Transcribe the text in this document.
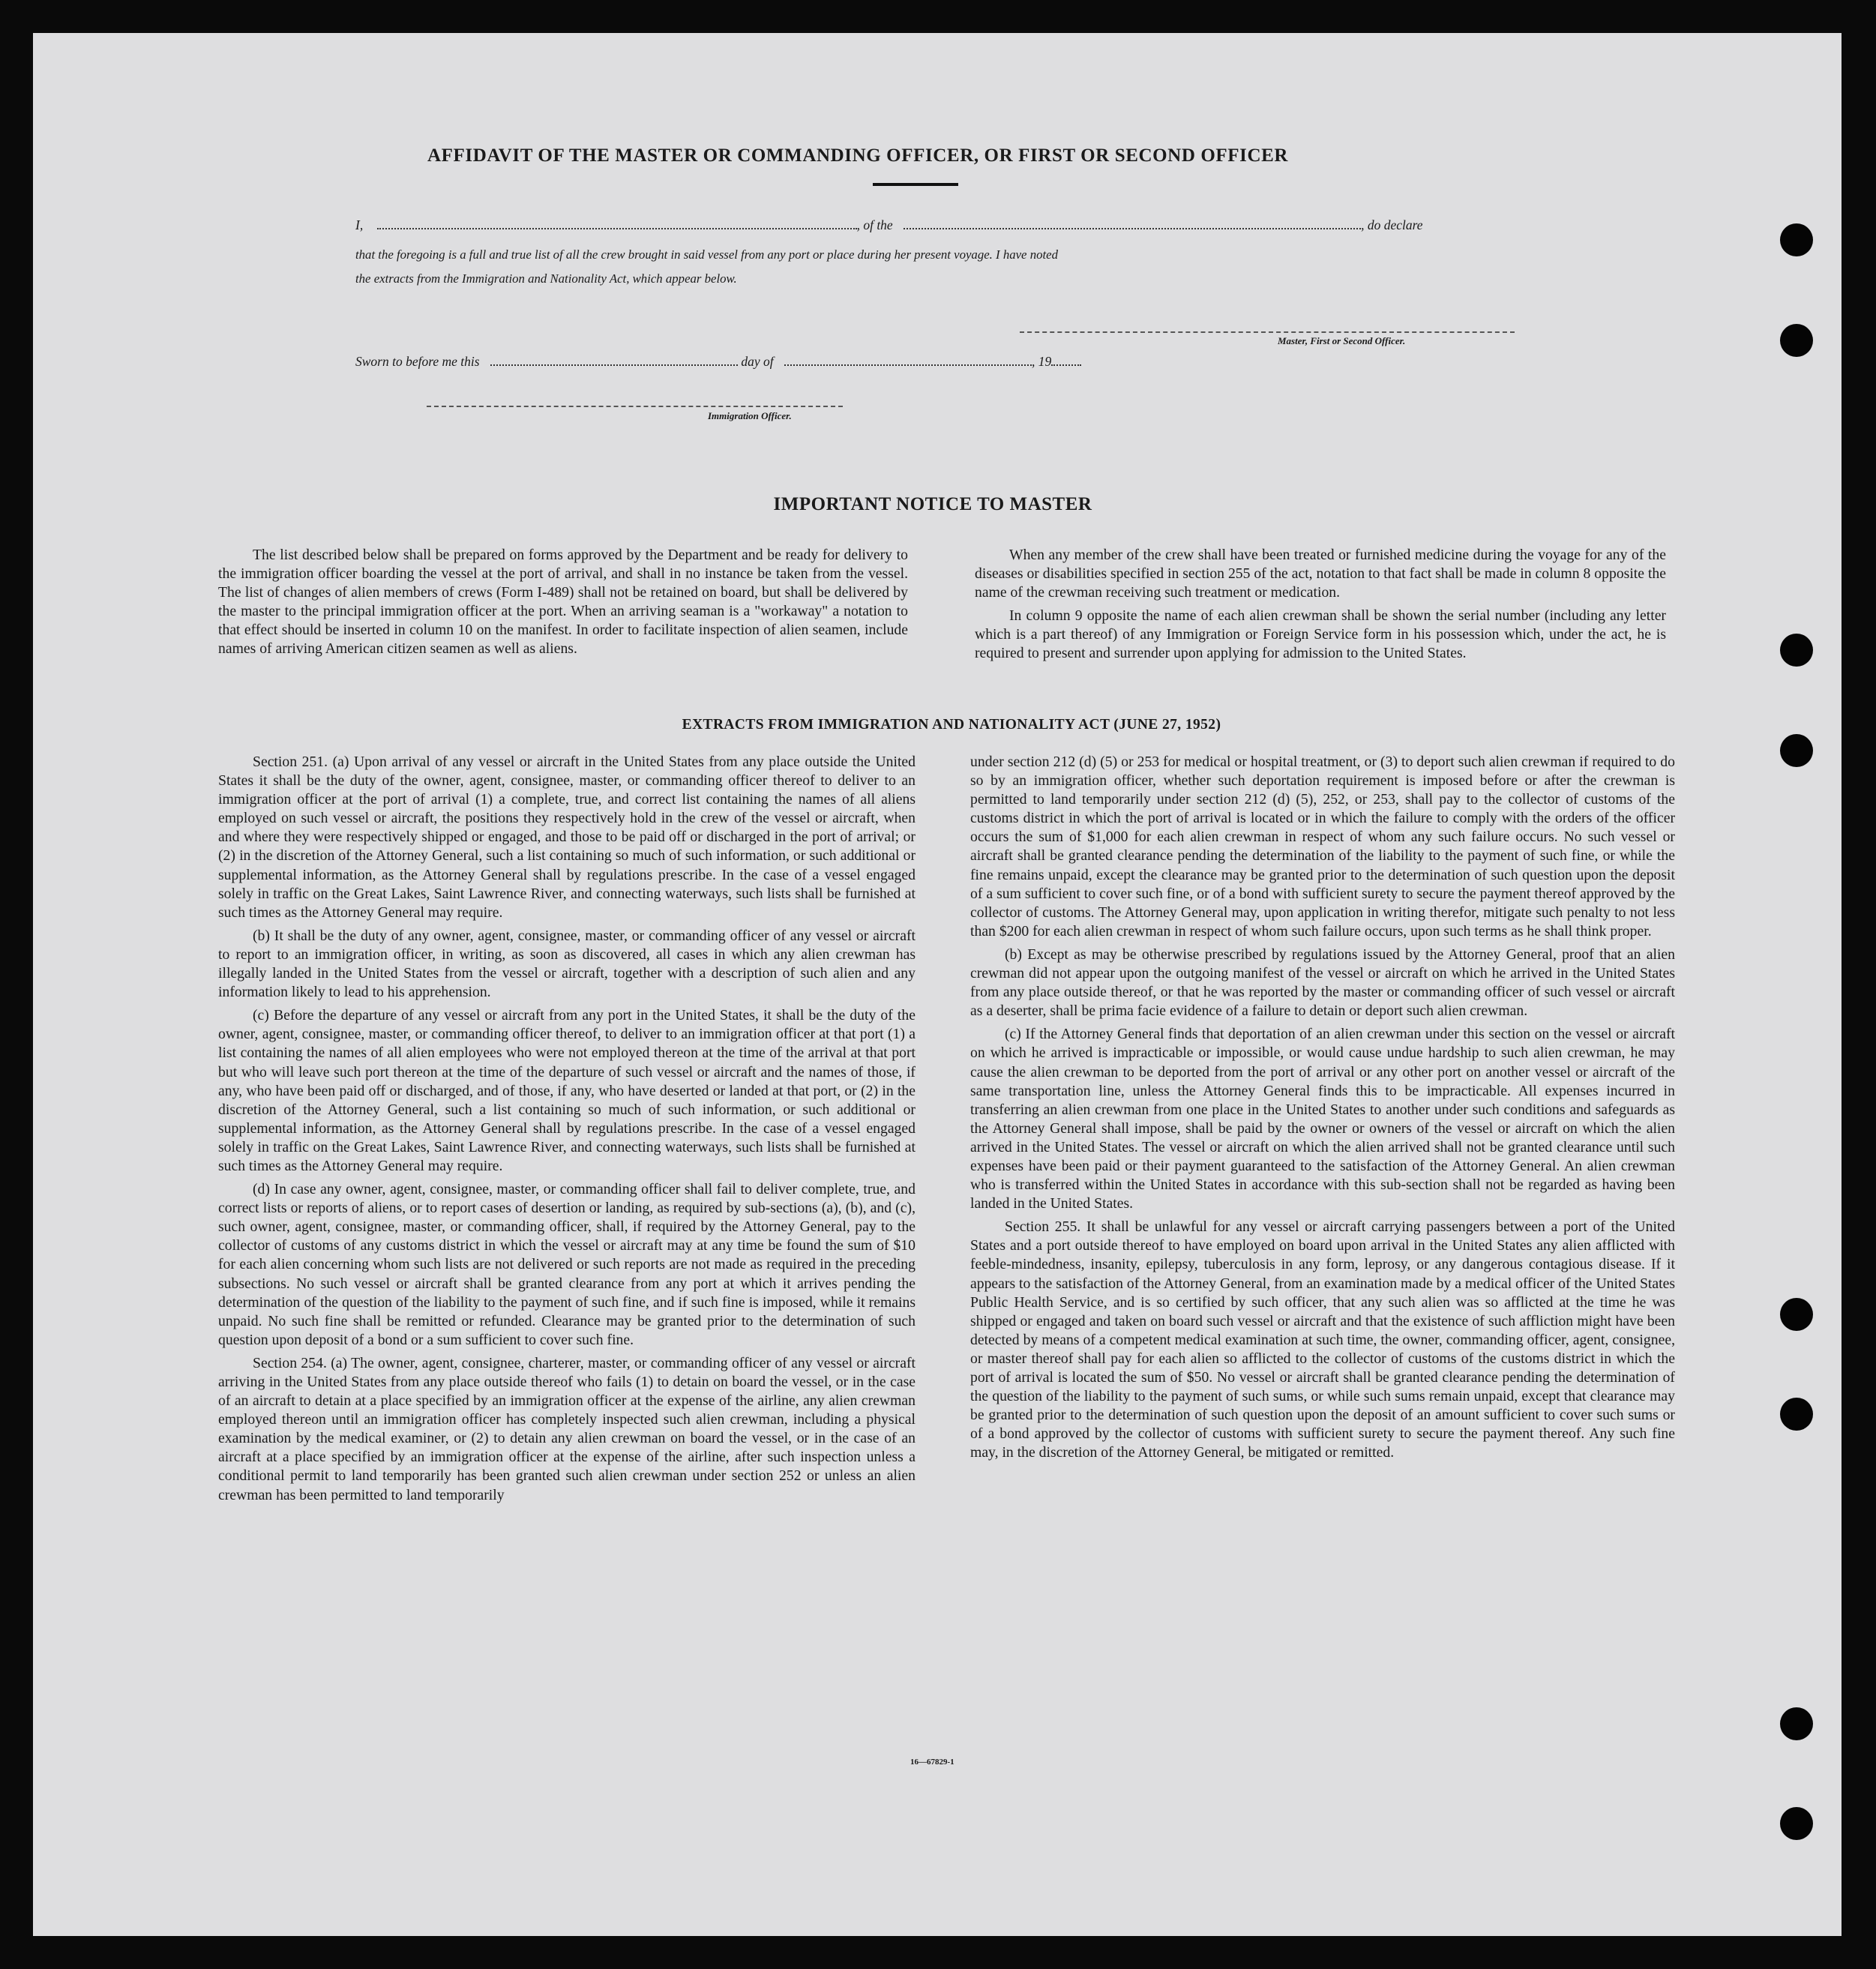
AFFIDAVIT OF THE MASTER OR COMMANDING OFFICER, OR FIRST OR SECOND OFFICER
I,	, of the	, do declare
that the foregoing is a full and true list of all the crew brought in said vessel from any port or place during her present voyage. I have noted
the extracts from the Immigration and Nationality Act, which appear below.
Master, First or Second Officer.
Sworn to before me this	day of	, 19
Immigration Officer.
IMPORTANT NOTICE TO MASTER

The list described below shall be prepared on forms approved by the Department and be ready for delivery to the immigration officer boarding the vessel at the port of arrival, and shall in no instance be taken from the vessel. The list of changes of alien members of crews (Form I-489) shall not be retained on board, but shall be delivered by the master to the principal immigration officer at the port. When an arriving seaman is a "workaway" a notation to that effect should be inserted in column 10 on the manifest. In order to facilitate inspection of alien seamen, include names of arriving American citizen seamen as well as aliens.

When any member of the crew shall have been treated or furnished medicine during the voyage for any of the diseases or disabilities specified in section 255 of the act, notation to that fact shall be made in column 8 opposite the name of the crewman receiving such treatment or medication.

In column 9 opposite the name of each alien crewman shall be shown the serial number (including any letter which is a part thereof) of any Immigration or Foreign Service form in his possession which, under the act, he is required to present and surrender upon applying for admission to the United States.

EXTRACTS FROM IMMIGRATION AND NATIONALITY ACT (JUNE 27, 1952)

Section 251. (a) Upon arrival of any vessel or aircraft in the United States from any place outside the United States it shall be the duty of the owner, agent, consignee, master, or commanding officer thereof to deliver to an immigration officer at the port of arrival (1) a complete, true, and correct list containing the names of all aliens employed on such vessel or aircraft, the positions they respectively hold in the crew of the vessel or aircraft, when and where they were respectively shipped or engaged, and those to be paid off or discharged in the port of arrival; or (2) in the discretion of the Attorney General, such a list containing so much of such information, or such additional or supplemental information, as the Attorney General shall by regulations prescribe. In the case of a vessel engaged solely in traffic on the Great Lakes, Saint Lawrence River, and connecting waterways, such lists shall be furnished at such times as the Attorney General may require.

(b) It shall be the duty of any owner, agent, consignee, master, or commanding officer of any vessel or aircraft to report to an immigration officer, in writing, as soon as discovered, all cases in which any alien crewman has illegally landed in the United States from the vessel or aircraft, together with a description of such alien and any information likely to lead to his apprehension.

(c) Before the departure of any vessel or aircraft from any port in the United States, it shall be the duty of the owner, agent, consignee, master, or commanding officer thereof, to deliver to an immigration officer at that port (1) a list containing the names of all alien employees who were not employed thereon at the time of the arrival at that port but who will leave such port thereon at the time of the departure of such vessel or aircraft and the names of those, if any, who have been paid off or discharged, and of those, if any, who have deserted or landed at that port, or (2) in the discretion of the Attorney General, such a list containing so much of such information, or such additional or supplemental information, as the Attorney General shall by regulations prescribe. In the case of a vessel engaged solely in traffic on the Great Lakes, Saint Lawrence River, and connecting waterways, such lists shall be furnished at such times as the Attorney General may require.

(d) In case any owner, agent, consignee, master, or commanding officer shall fail to deliver complete, true, and correct lists or reports of aliens, or to report cases of desertion or landing, as required by sub-sections (a), (b), and (c), such owner, agent, consignee, master, or commanding officer, shall, if required by the Attorney General, pay to the collector of customs of any customs district in which the vessel or aircraft may at any time be found the sum of $10 for each alien concerning whom such lists are not delivered or such reports are not made as required in the preceding subsections. No such vessel or aircraft shall be granted clearance from any port at which it arrives pending the determination of the question of the liability to the payment of such fine, and if such fine is imposed, while it remains unpaid. No such fine shall be remitted or refunded. Clearance may be granted prior to the determination of such question upon deposit of a bond or a sum sufficient to cover such fine.

Section 254. (a) The owner, agent, consignee, charterer, master, or commanding officer of any vessel or aircraft arriving in the United States from any place outside thereof who fails (1) to detain on board the vessel, or in the case of an aircraft to detain at a place specified by an immigration officer at the expense of the airline, any alien crewman employed thereon until an immigration officer has completely inspected such alien crewman, including a physical examination by the medical examiner, or (2) to detain any alien crewman on board the vessel, or in the case of an aircraft at a place specified by an immigration officer at the expense of the airline, after such inspection unless a conditional permit to land temporarily has been granted such alien crewman under section 252 or unless an alien crewman has been permitted to land temporarily

under section 212 (d) (5) or 253 for medical or hospital treatment, or (3) to deport such alien crewman if required to do so by an immigration officer, whether such deportation requirement is imposed before or after the crewman is permitted to land temporarily under section 212 (d) (5), 252, or 253, shall pay to the collector of customs of the customs district in which the port of arrival is located or in which the failure to comply with the orders of the officer occurs the sum of $1,000 for each alien crewman in respect of whom any such failure occurs. No such vessel or aircraft shall be granted clearance pending the determination of the liability to the payment of such fine, or while the fine remains unpaid, except the clearance may be granted prior to the determination of such question upon the deposit of a sum sufficient to cover such fine, or of a bond with sufficient surety to secure the payment thereof approved by the collector of customs. The Attorney General may, upon application in writing therefor, mitigate such penalty to not less than $200 for each alien crewman in respect of whom such failure occurs, upon such terms as he shall think proper.

(b) Except as may be otherwise prescribed by regulations issued by the Attorney General, proof that an alien crewman did not appear upon the outgoing manifest of the vessel or aircraft on which he arrived in the United States from any place outside thereof, or that he was reported by the master or commanding officer of such vessel or aircraft as a deserter, shall be prima facie evidence of a failure to detain or deport such alien crewman.

(c) If the Attorney General finds that deportation of an alien crewman under this section on the vessel or aircraft on which he arrived is impracticable or impossible, or would cause undue hardship to such alien crewman, he may cause the alien crewman to be deported from the port of arrival or any other port on another vessel or aircraft of the same transportation line, unless the Attorney General finds this to be impracticable. All expenses incurred in transferring an alien crewman from one place in the United States to another under such conditions and safeguards as the Attorney General shall impose, shall be paid by the owner or owners of the vessel or aircraft on which the alien arrived in the United States. The vessel or aircraft on which the alien arrived shall not be granted clearance until such expenses have been paid or their payment guaranteed to the satisfaction of the Attorney General. An alien crewman who is transferred within the United States in accordance with this sub-section shall not be regarded as having been landed in the United States.

Section 255. It shall be unlawful for any vessel or aircraft carrying passengers between a port of the United States and a port outside thereof to have employed on board upon arrival in the United States any alien afflicted with feeble-mindedness, insanity, epilepsy, tuberculosis in any form, leprosy, or any dangerous contagious disease. If it appears to the satisfaction of the Attorney General, from an examination made by a medical officer of the United States Public Health Service, and is so certified by such officer, that any such alien was so afflicted at the time he was shipped or engaged and taken on board such vessel or aircraft and that the existence of such affliction might have been detected by means of a competent medical examination at such time, the owner, commanding officer, agent, consignee, or master thereof shall pay for each alien so afflicted to the collector of customs of the customs district in which the port of arrival is located the sum of $50. No vessel or aircraft shall be granted clearance pending the determination of the question of the liability to the payment of such sums, or while such sums remain unpaid, except that clearance may be granted prior to the determination of such question upon the deposit of an amount sufficient to cover such sums or of a bond approved by the collector of customs with sufficient surety to secure the payment thereof. Any such fine may, in the discretion of the Attorney General, be mitigated or remitted.

16—67829-1
